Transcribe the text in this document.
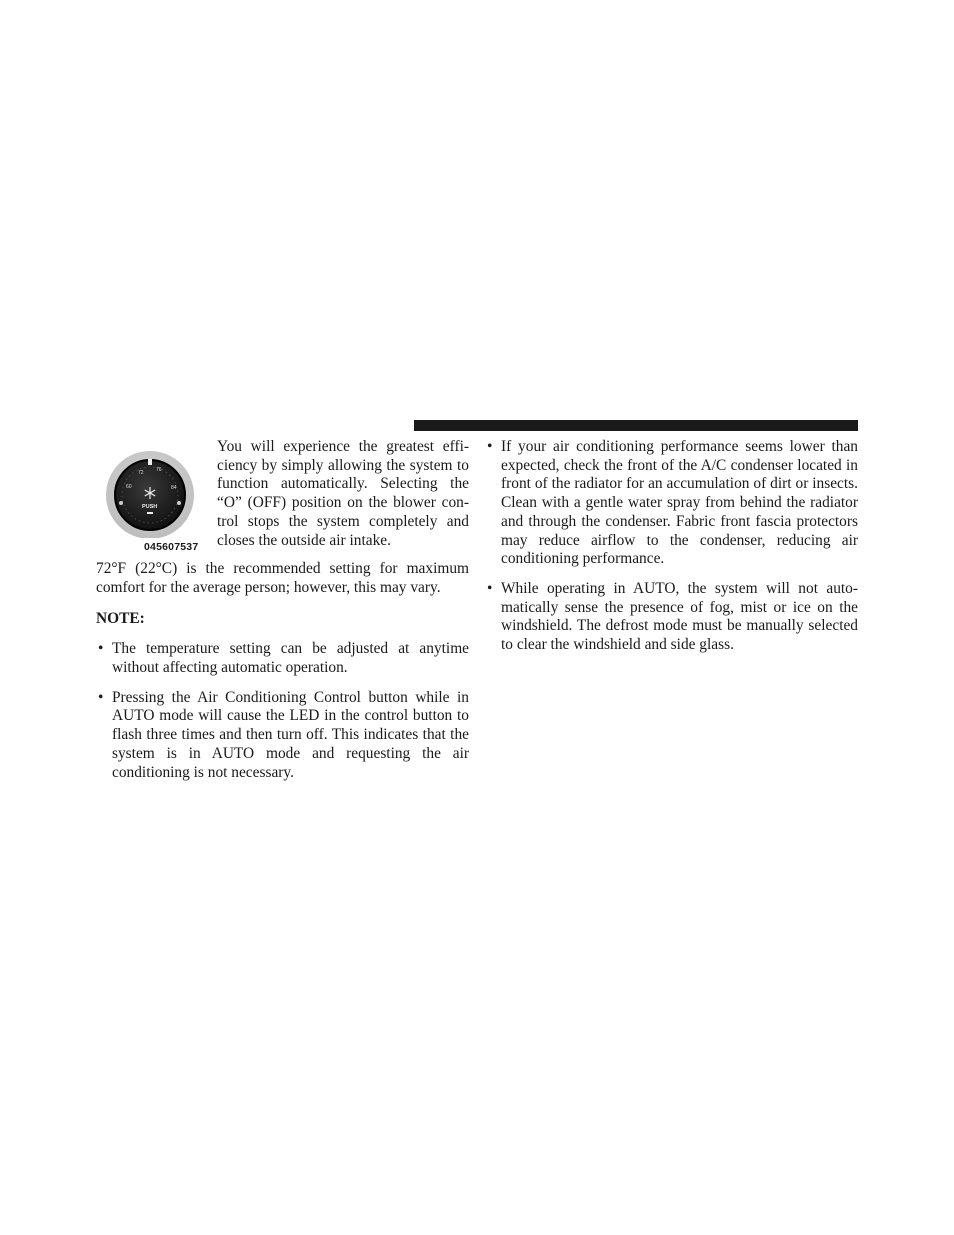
60
72 76
84
PUSH
045607537

You will experience the greatest efficiency by simply allowing the system to function automatically. Selecting the “O” (OFF) position on the blower control stops the system completely and closes the outside air intake.

72°F (22°C) is the recommended setting for maximum comfort for the average person; however, this may vary.

NOTE:

• The temperature setting can be adjusted at anytime without affecting automatic operation.
• Pressing the Air Conditioning Control button while in AUTO mode will cause the LED in the control button to flash three times and then turn off. This indicates that the system is in AUTO mode and requesting the air conditioning is not necessary.
• If your air conditioning performance seems lower than expected, check the front of the A/C condenser located in front of the radiator for an accumulation of dirt or insects. Clean with a gentle water spray from behind the radiator and through the condenser. Fabric front fascia protectors may reduce airflow to the condenser, reducing air conditioning performance.
• While operating in AUTO, the system will not automatically sense the presence of fog, mist or ice on the windshield. The defrost mode must be manually selected to clear the windshield and side glass.
